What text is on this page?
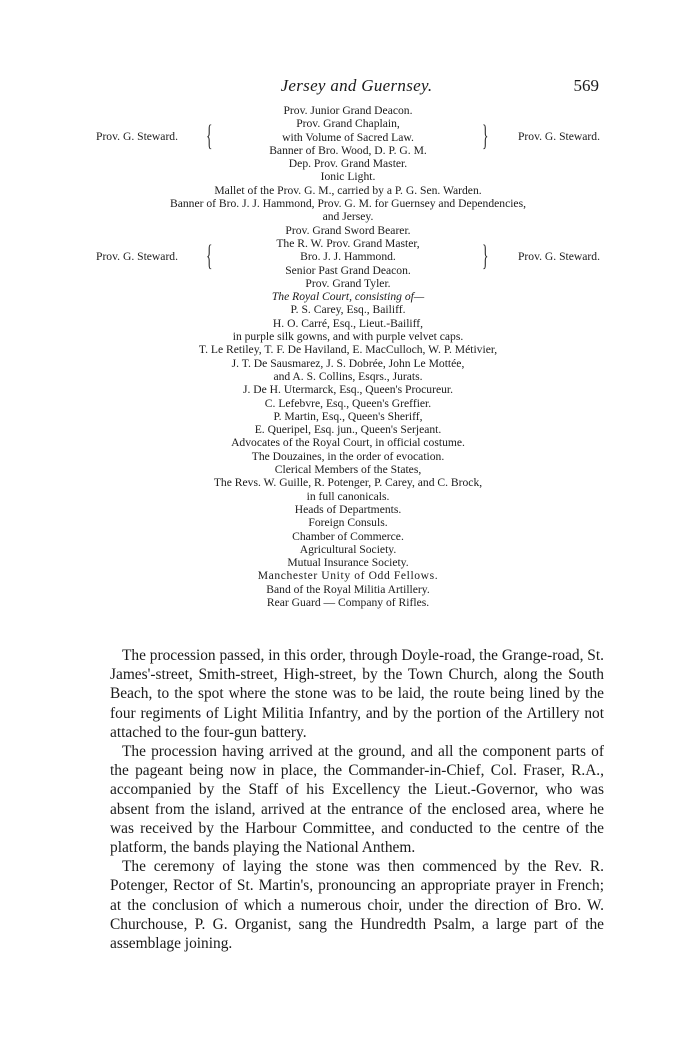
Jersey and Guernsey.	569
Prov. Junior Grand Deacon.
Prov. G. Steward. {	Prov. Grand Chaplain,
with Volume of Sacred Law.	}	Prov. G. Steward.
Banner of Bro. Wood, D. P. G. M.
Dep. Prov. Grand Master.
Ionic Light.
Mallet of the Prov. G. M., carried by a P. G. Sen. Warden.
Banner of Bro. J. J. Hammond, Prov. G. M. for Guernsey and Dependencies,
and Jersey.
Prov. Grand Sword Bearer.
Prov. G. Steward. {	The R. W. Prov. Grand Master,
Bro. J. J. Hammond.	}	Prov. G. Steward.
Senior Past Grand Deacon.
Prov. Grand Tyler.
The Royal Court, consisting of—
P. S. Carey, Esq., Bailiff.
H. O. Carré, Esq., Lieut.-Bailiff,
in purple silk gowns, and with purple velvet caps.
T. Le Retiley, T. F. De Haviland, E. MacCulloch, W. P. Métivier,
J. T. De Sausmarez, J. S. Dobrée, John Le Mottée,
and A. S. Collins, Esqrs., Jurats.
J. De H. Utermarck, Esq., Queen's Procureur.
C. Lefebvre, Esq., Queen's Greffier.
P. Martin, Esq., Queen's Sheriff,
E. Queripel, Esq. jun., Queen's Serjeant.
Advocates of the Royal Court, in official costume.
The Douzaines, in the order of evocation.
Clerical Members of the States,
The Revs. W. Guille, R. Potenger, P. Carey, and C. Brock,
in full canonicals.
Heads of Departments.
Foreign Consuls.
Chamber of Commerce.
Agricultural Society.
Mutual Insurance Society.
Manchester Unity of Odd Fellows.
Band of the Royal Militia Artillery.
Rear Guard — Company of Rifles.

The procession passed, in this order, through Doyle-road, the Grange-road, St. James'-street, Smith-street, High-street, by the Town Church, along the South Beach, to the spot where the stone was to be laid, the route being lined by the four regiments of Light Militia Infantry, and by the portion of the Artillery not attached to the four-gun battery.

The procession having arrived at the ground, and all the component parts of the pageant being now in place, the Commander-in-Chief, Col. Fraser, R.A., accompanied by the Staff of his Excellency the Lieut.-Governor, who was absent from the island, arrived at the entrance of the enclosed area, where he was received by the Harbour Committee, and conducted to the centre of the platform, the bands playing the National Anthem.

The ceremony of laying the stone was then commenced by the Rev. R. Potenger, Rector of St. Martin's, pronouncing an appropriate prayer in French; at the conclusion of which a numerous choir, under the direction of Bro. W. Churchouse, P. G. Organist, sang the Hundredth Psalm, a large part of the assemblage joining.
